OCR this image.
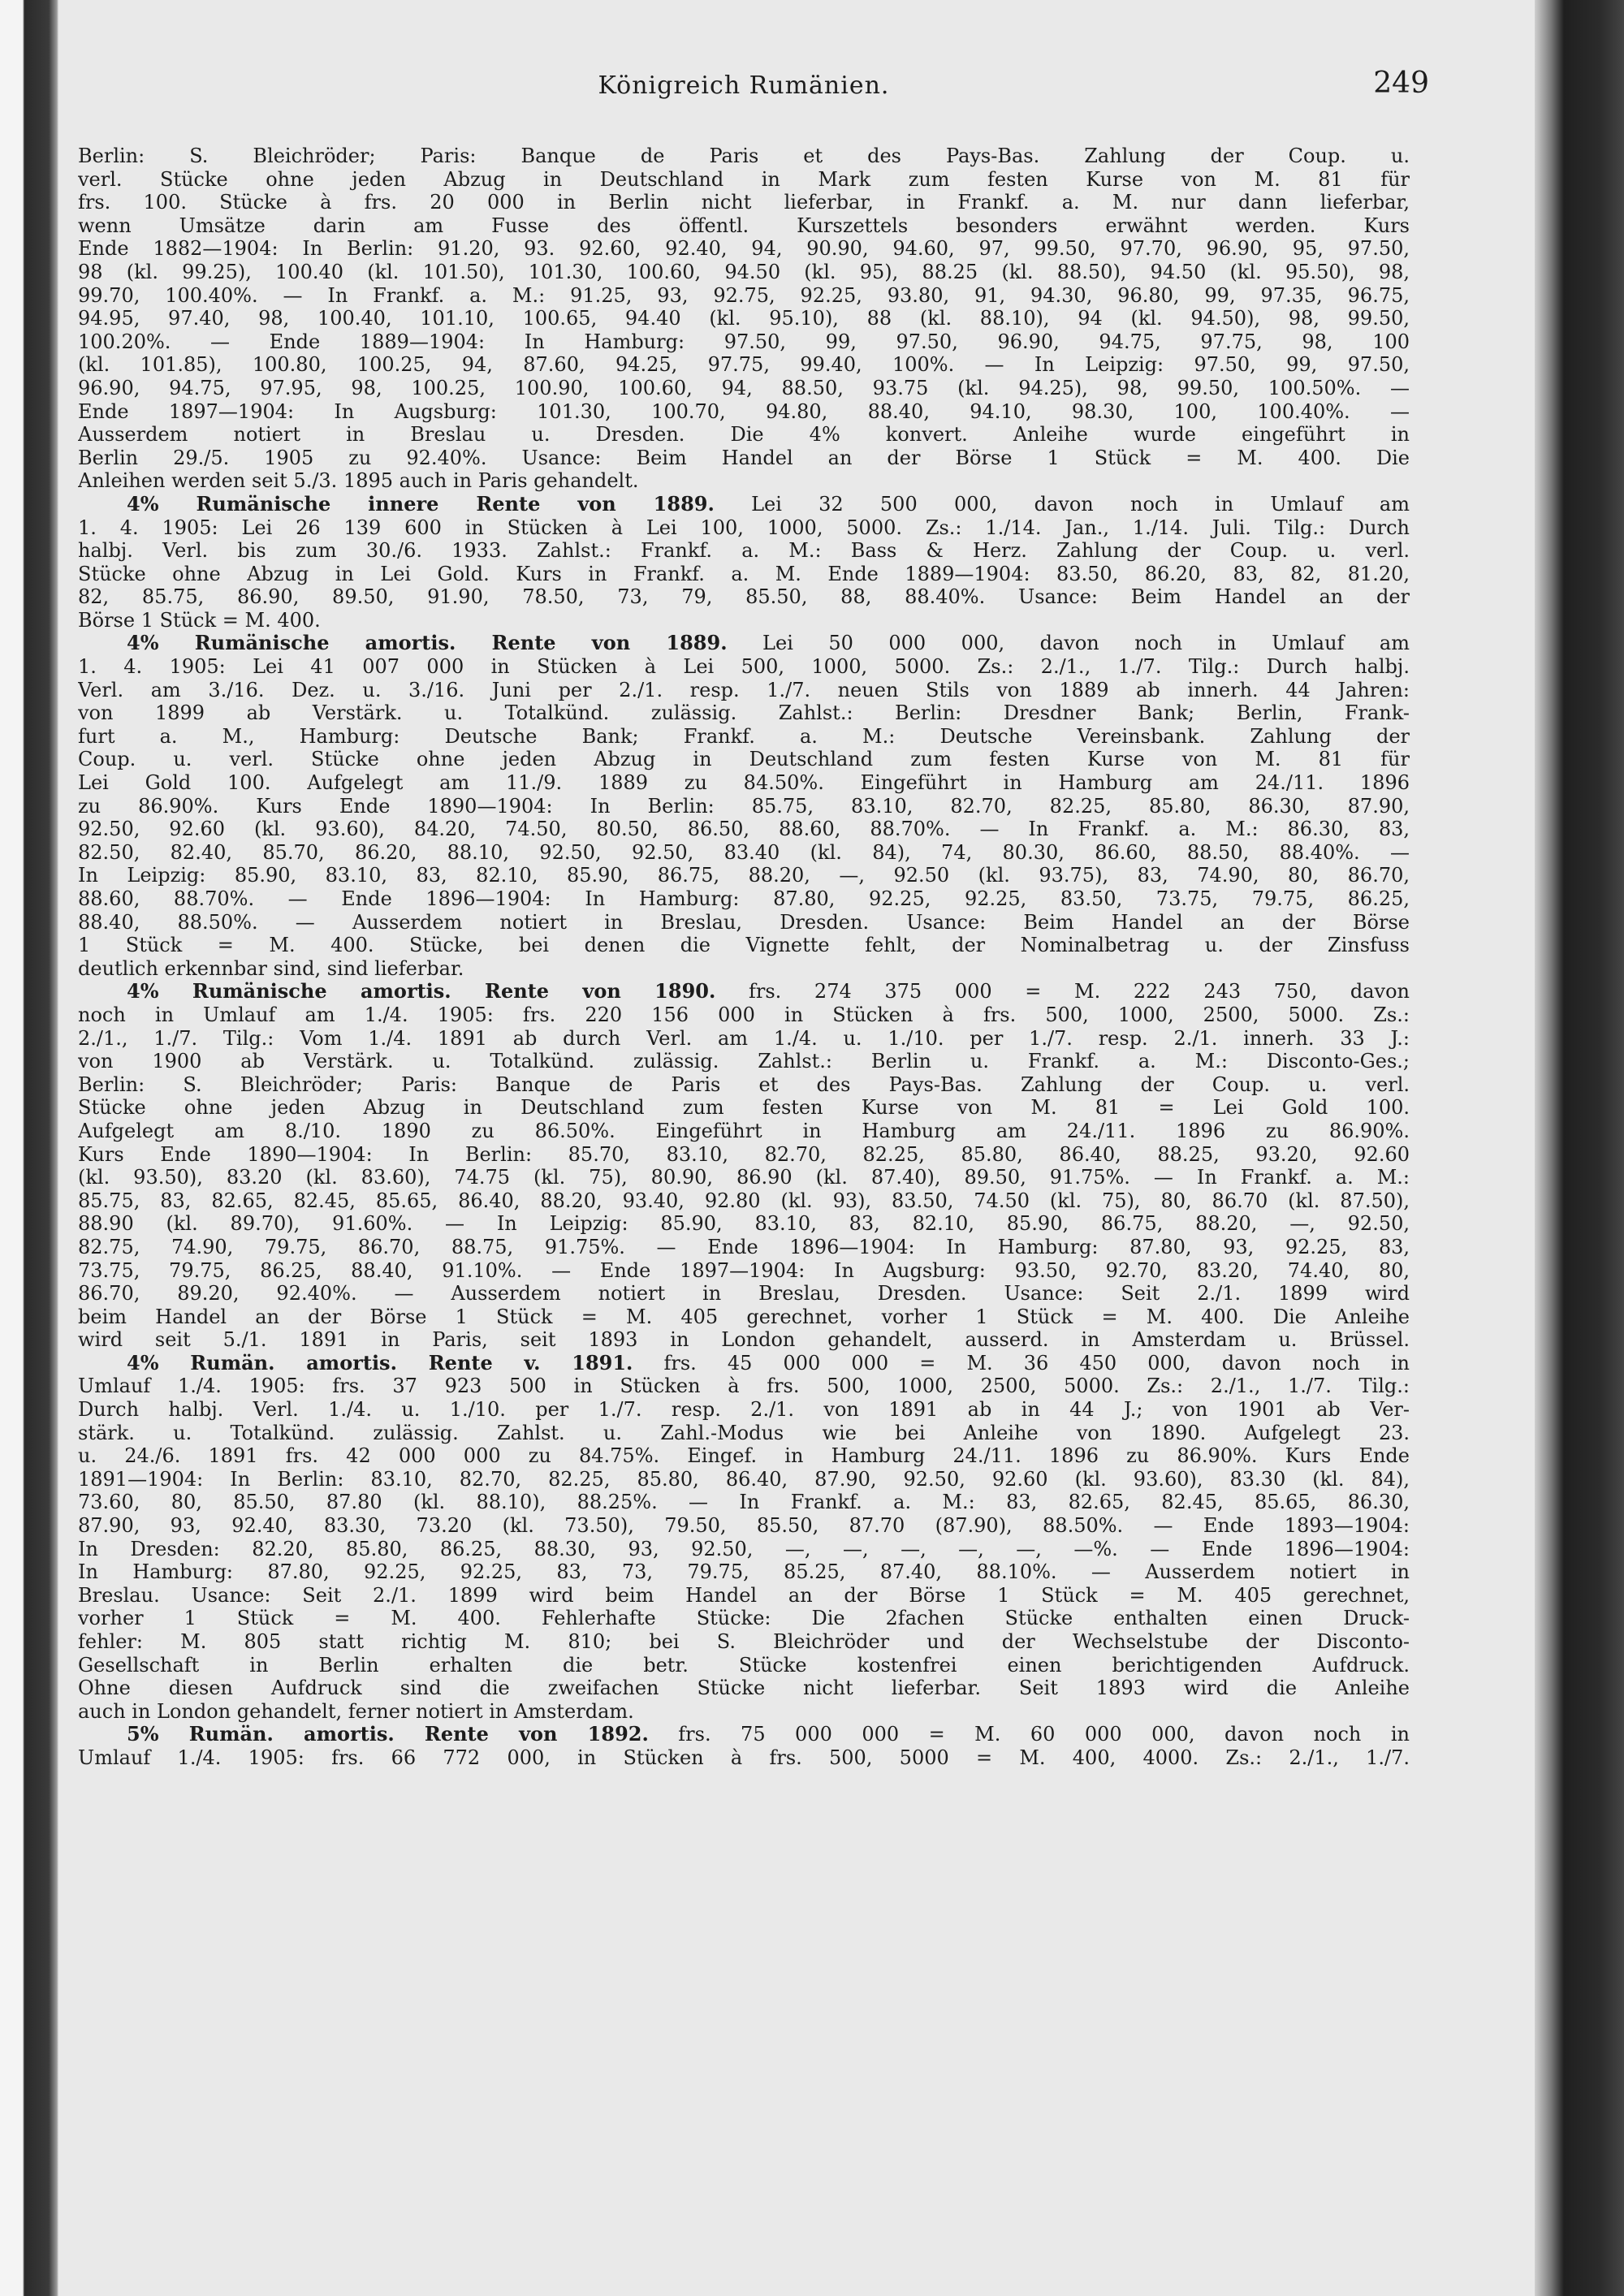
Königreich Rumänien.	249
Berlin: S. Bleichröder; Paris: Banque de Paris et des Pays-Bas. Zahlung der Coup. u.
verl. Stücke ohne jeden Abzug in Deutschland in Mark zum festen Kurse von M. 81 für
frs. 100. Stücke à frs. 20 000 in Berlin nicht lieferbar, in Frankf. a. M. nur dann lieferbar,
wenn Umsätze darin am Fusse des öffentl. Kurszettels besonders erwähnt werden. Kurs
Ende 1882—1904: In Berlin: 91.20, 93. 92.60, 92.40, 94, 90.90, 94.60, 97, 99.50, 97.70, 96.90, 95, 97.50,
98 (kl. 99.25), 100.40 (kl. 101.50), 101.30, 100.60, 94.50 (kl. 95), 88.25 (kl. 88.50), 94.50 (kl. 95.50), 98,
99.70, 100.40%. — In Frankf. a. M.: 91.25, 93, 92.75, 92.25, 93.80, 91, 94.30, 96.80, 99, 97.35, 96.75,
94.95, 97.40, 98, 100.40, 101.10, 100.65, 94.40 (kl. 95.10), 88 (kl. 88.10), 94 (kl. 94.50), 98, 99.50,
100.20%. — Ende 1889—1904: In Hamburg: 97.50, 99, 97.50, 96.90, 94.75, 97.75, 98, 100
(kl. 101.85), 100.80, 100.25, 94, 87.60, 94.25, 97.75, 99.40, 100%. — In Leipzig: 97.50, 99, 97.50,
96.90, 94.75, 97.95, 98, 100.25, 100.90, 100.60, 94, 88.50, 93.75 (kl. 94.25), 98, 99.50, 100.50%. —
Ende 1897—1904: In Augsburg: 101.30, 100.70, 94.80, 88.40, 94.10, 98.30, 100, 100.40%. —
Ausserdem notiert in Breslau u. Dresden. Die 4% konvert. Anleihe wurde eingeführt in
Berlin 29./5. 1905 zu 92.40%. Usance: Beim Handel an der Börse 1 Stück = M. 400. Die
Anleihen werden seit 5./3. 1895 auch in Paris gehandelt.
4% Rumänische innere Rente von 1889. Lei 32 500 000, davon noch in Umlauf am
1. 4. 1905: Lei 26 139 600 in Stücken à Lei 100, 1000, 5000. Zs.: 1./14. Jan., 1./14. Juli. Tilg.: Durch
halbj. Verl. bis zum 30./6. 1933. Zahlst.: Frankf. a. M.: Bass & Herz. Zahlung der Coup. u. verl.
Stücke ohne Abzug in Lei Gold. Kurs in Frankf. a. M. Ende 1889—1904: 83.50, 86.20, 83, 82, 81.20,
82, 85.75, 86.90, 89.50, 91.90, 78.50, 73, 79, 85.50, 88, 88.40%. Usance: Beim Handel an der
Börse 1 Stück = M. 400.
4% Rumänische amortis. Rente von 1889. Lei 50 000 000, davon noch in Umlauf am
1. 4. 1905: Lei 41 007 000 in Stücken à Lei 500, 1000, 5000. Zs.: 2./1., 1./7. Tilg.: Durch halbj.
Verl. am 3./16. Dez. u. 3./16. Juni per 2./1. resp. 1./7. neuen Stils von 1889 ab innerh. 44 Jahren:
von 1899 ab Verstärk. u. Totalkünd. zulässig. Zahlst.: Berlin: Dresdner Bank; Berlin, Frank-
furt a. M., Hamburg: Deutsche Bank; Frankf. a. M.: Deutsche Vereinsbank. Zahlung der
Coup. u. verl. Stücke ohne jeden Abzug in Deutschland zum festen Kurse von M. 81 für
Lei Gold 100. Aufgelegt am 11./9. 1889 zu 84.50%. Eingeführt in Hamburg am 24./11. 1896
zu 86.90%. Kurs Ende 1890—1904: In Berlin: 85.75, 83.10, 82.70, 82.25, 85.80, 86.30, 87.90,
92.50, 92.60 (kl. 93.60), 84.20, 74.50, 80.50, 86.50, 88.60, 88.70%. — In Frankf. a. M.: 86.30, 83,
82.50, 82.40, 85.70, 86.20, 88.10, 92.50, 92.50, 83.40 (kl. 84), 74, 80.30, 86.60, 88.50, 88.40%. —
In Leipzig: 85.90, 83.10, 83, 82.10, 85.90, 86.75, 88.20, —, 92.50 (kl. 93.75), 83, 74.90, 80, 86.70,
88.60, 88.70%. — Ende 1896—1904: In Hamburg: 87.80, 92.25, 92.25, 83.50, 73.75, 79.75, 86.25,
88.40, 88.50%. — Ausserdem notiert in Breslau, Dresden. Usance: Beim Handel an der Börse
1 Stück = M. 400. Stücke, bei denen die Vignette fehlt, der Nominalbetrag u. der Zinsfuss
deutlich erkennbar sind, sind lieferbar.
4% Rumänische amortis. Rente von 1890. frs. 274 375 000 = M. 222 243 750, davon
noch in Umlauf am 1./4. 1905: frs. 220 156 000 in Stücken à frs. 500, 1000, 2500, 5000. Zs.:
2./1., 1./7. Tilg.: Vom 1./4. 1891 ab durch Verl. am 1./4. u. 1./10. per 1./7. resp. 2./1. innerh. 33 J.:
von 1900 ab Verstärk. u. Totalkünd. zulässig. Zahlst.: Berlin u. Frankf. a. M.: Disconto-Ges.;
Berlin: S. Bleichröder; Paris: Banque de Paris et des Pays-Bas. Zahlung der Coup. u. verl.
Stücke ohne jeden Abzug in Deutschland zum festen Kurse von M. 81 = Lei Gold 100.
Aufgelegt am 8./10. 1890 zu 86.50%. Eingeführt in Hamburg am 24./11. 1896 zu 86.90%.
Kurs Ende 1890—1904: In Berlin: 85.70, 83.10, 82.70, 82.25, 85.80, 86.40, 88.25, 93.20, 92.60
(kl. 93.50), 83.20 (kl. 83.60), 74.75 (kl. 75), 80.90, 86.90 (kl. 87.40), 89.50, 91.75%. — In Frankf. a. M.:
85.75, 83, 82.65, 82.45, 85.65, 86.40, 88.20, 93.40, 92.80 (kl. 93), 83.50, 74.50 (kl. 75), 80, 86.70 (kl. 87.50),
88.90 (kl. 89.70), 91.60%. — In Leipzig: 85.90, 83.10, 83, 82.10, 85.90, 86.75, 88.20, —, 92.50,
82.75, 74.90, 79.75, 86.70, 88.75, 91.75%. — Ende 1896—1904: In Hamburg: 87.80, 93, 92.25, 83,
73.75, 79.75, 86.25, 88.40, 91.10%. — Ende 1897—1904: In Augsburg: 93.50, 92.70, 83.20, 74.40, 80,
86.70, 89.20, 92.40%. — Ausserdem notiert in Breslau, Dresden. Usance: Seit 2./1. 1899 wird
beim Handel an der Börse 1 Stück = M. 405 gerechnet, vorher 1 Stück = M. 400. Die Anleihe
wird seit 5./1. 1891 in Paris, seit 1893 in London gehandelt, ausserd. in Amsterdam u. Brüssel.
4% Rumän. amortis. Rente v. 1891. frs. 45 000 000 = M. 36 450 000, davon noch in
Umlauf 1./4. 1905: frs. 37 923 500 in Stücken à frs. 500, 1000, 2500, 5000. Zs.: 2./1., 1./7. Tilg.:
Durch halbj. Verl. 1./4. u. 1./10. per 1./7. resp. 2./1. von 1891 ab in 44 J.; von 1901 ab Ver-
stärk. u. Totalkünd. zulässig. Zahlst. u. Zahl.-Modus wie bei Anleihe von 1890. Aufgelegt 23.
u. 24./6. 1891 frs. 42 000 000 zu 84.75%. Eingef. in Hamburg 24./11. 1896 zu 86.90%. Kurs Ende
1891—1904: In Berlin: 83.10, 82.70, 82.25, 85.80, 86.40, 87.90, 92.50, 92.60 (kl. 93.60), 83.30 (kl. 84),
73.60, 80, 85.50, 87.80 (kl. 88.10), 88.25%. — In Frankf. a. M.: 83, 82.65, 82.45, 85.65, 86.30,
87.90, 93, 92.40, 83.30, 73.20 (kl. 73.50), 79.50, 85.50, 87.70 (87.90), 88.50%. — Ende 1893—1904:
In Dresden: 82.20, 85.80, 86.25, 88.30, 93, 92.50, —, —, —, —, —, —%. — Ende 1896—1904:
In Hamburg: 87.80, 92.25, 92.25, 83, 73, 79.75, 85.25, 87.40, 88.10%. — Ausserdem notiert in
Breslau. Usance: Seit 2./1. 1899 wird beim Handel an der Börse 1 Stück = M. 405 gerechnet,
vorher 1 Stück = M. 400. Fehlerhafte Stücke: Die 2fachen Stücke enthalten einen Druck-
fehler: M. 805 statt richtig M. 810; bei S. Bleichröder und der Wechselstube der Disconto-
Gesellschaft in Berlin erhalten die betr. Stücke kostenfrei einen berichtigenden Aufdruck.
Ohne diesen Aufdruck sind die zweifachen Stücke nicht lieferbar. Seit 1893 wird die Anleihe
auch in London gehandelt, ferner notiert in Amsterdam.
5% Rumän. amortis. Rente von 1892. frs. 75 000 000 = M. 60 000 000, davon noch in
Umlauf 1./4. 1905: frs. 66 772 000, in Stücken à frs. 500, 5000 = M. 400, 4000. Zs.: 2./1., 1./7.
